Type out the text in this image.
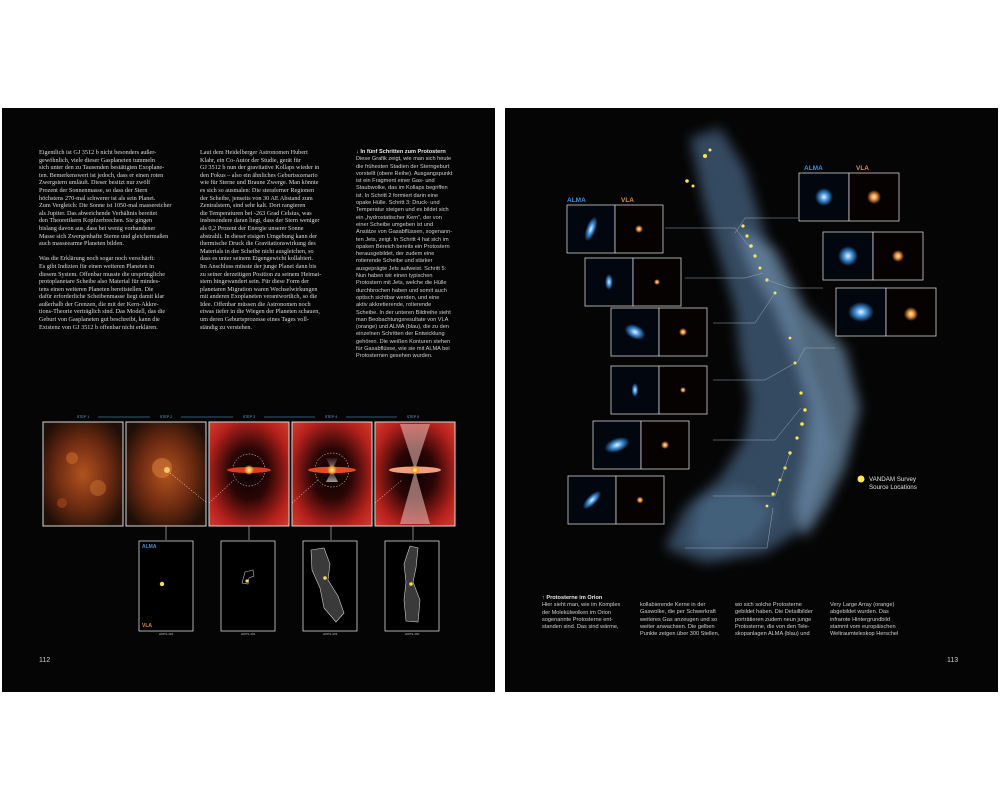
Eigentlich ist GJ 3512 b nicht besonders außer-
gewöhnlich, viele dieser Gasplaneten tummeln
sich unter den zu Tausenden bestätigten Exoplane-
ten. Bemerkenswert ist jedoch, dass er einen roten
Zwergstern umläuft. Dieser besitzt nur zwölf
Prozent der Sonnenmasse, so dass der Stern
höchstens 270-mal schwerer ist als sein Planet.
Zum Vergleich: Die Sonne ist 1050-mal massereicher
als Jupiter. Das abweichende Verhältnis bereitet
den Theoretikern Kopfzerbrechen. Sie gingen
bislang davon aus, dass bei wenig vorhandener
Masse sich Zwergenhafte Sterne und gleichermaßen
auch masseearme Planeten bilden.

Was die Erklärung noch sogar noch verschärft:
Es gibt Indizien für einen weiteren Planeten in
diesem System. Offenbar musste die ursprüngliche
protoplanetare Scheibe also Material für mindes-
tens einen weiteren Planeten bereitstellen. Die
dafür erforderliche Scheibenmasse liegt damit klar
außerhalb der Grenzen, die mit der Kern-Akkre-
tions-Theorie verträglich sind. Das Modell, das die
Geburt von Gasplaneten gut beschreibt, kann die
Existenz von GJ 3512 b offenbar nicht erklären.

Laut dem Heidelberger Astronomen Hubert
Klahr, ein Co-Autor der Studie, gerät für
GJ 3512 b nun der gravitative Kollaps wieder in
den Fokus – also ein ähnliches Geburtsszenario
wie für Sterne und Braune Zwerge. Man könnte
es sich so ausmalen: Die steraferner Regionen
der Scheibe, jenseits von 30 AE Abstand zum
Zentralstern, sind sehr kalt. Dort rangieren
die Temperaturen bei -263 Grad Celsius, was
insbesondere daran liegt, dass der Stern weniger
als 0,2 Prozent der Energie unserer Sonne
abstrahlt. In dieser eisigen Umgebung kann der
thermische Druck die Gravitationswirkung des
Materials in der Scheibe nicht ausgleichen, so
dass es unter seinem Eigengewicht kollabiert.
Im Anschluss müsste der junge Planet dann bis
zu seiner derzeitigen Position zu seinem Heimat-
stern hingewandert sein. Für diese Form der
planetaren Migration waren Wechselwirkungen
mit anderen Exoplaneten verantwortlich, so die
Idee. Offenbar müssen die Astronomen noch
etwas tiefer in die Wiegen der Planeten schauen,
um deren Geburtsprozesse eines Tages voll-
ständig zu verstehen.

↓ In fünf Schritten zum Protostern
Diese Grafik zeigt, wie man sich heute
die frühesten Stadien der Sterngeburt
vorstellt (obere Reihe). Ausgangspunkt
ist ein Fragment einer Gas- und
Staubwolke, das im Kollaps begriffen
ist. In Schritt 2 formiert darin eine
opake Hülle. Schritt 3: Druck- und
Temperatur steigen und es bildet sich
ein „hydrostatischer Kern“, der von
einer Scheibe umgeben ist und
Ansätze von Gasabflüssen, sogenann-
ten Jets, zeigt. In Schritt 4 hat sich im
opaken Bereich bereits ein Protostern
herausgebildet, der zudem eine
rotierende Scheibe und stärker
ausgeprägte Jets aufweist. Schritt 5:
Nun haben wir einen typischen
Protostern mit Jets, welche die Hülle
durchbrochen haben und somit auch
optisch sichtbar werden, und eine
aktiv akkretierende, rotierende
Scheibe. In der unteren Bildreihe sieht
man Beobachtungsresultate von VLA
(orange) und ALMA (blau), die zu den
einzelnen Schritten der Entwicklung
gehören. Die weißen Konturen stehen
für Gasabflüsse, wie sie mit ALMA bei
Protosternen gesehen wurden.
STEP 1	STEP 2	STEP 3	STEP 4	STEP 5
ALMA
VLA
HOPS-402	HOPS-404	HOPS-403	HOPS-400
112
VANDAM Survey
Source Locations
ALMA	VLA
ALMA	VLA
↑ Protosterne im Orion
Hier sieht man, wie im Komplex
der Molekülwolken im Orion
sogenannte Protosterne ent-
standen sind. Das sind wärme,
kollabierende Kerne in der
Gaswolke, die per Schwerkraft
weiteres Gas anzeugen und so
weiter anwachsen. Die gelben
Punkte zeigen über 300 Stellen,
wo sich solche Protosterne
gebildet haben. Die Detailbilder
porträtieren zudem neun junge
Protosterne, die von den Tele-
skopanlagen ALMA (blau) und
Very Large Array (orange)
abgebildet wurden. Das
infrarote Hintergrundbild
stammt vom europäischen
Weltraumteleskop Herschel
113
